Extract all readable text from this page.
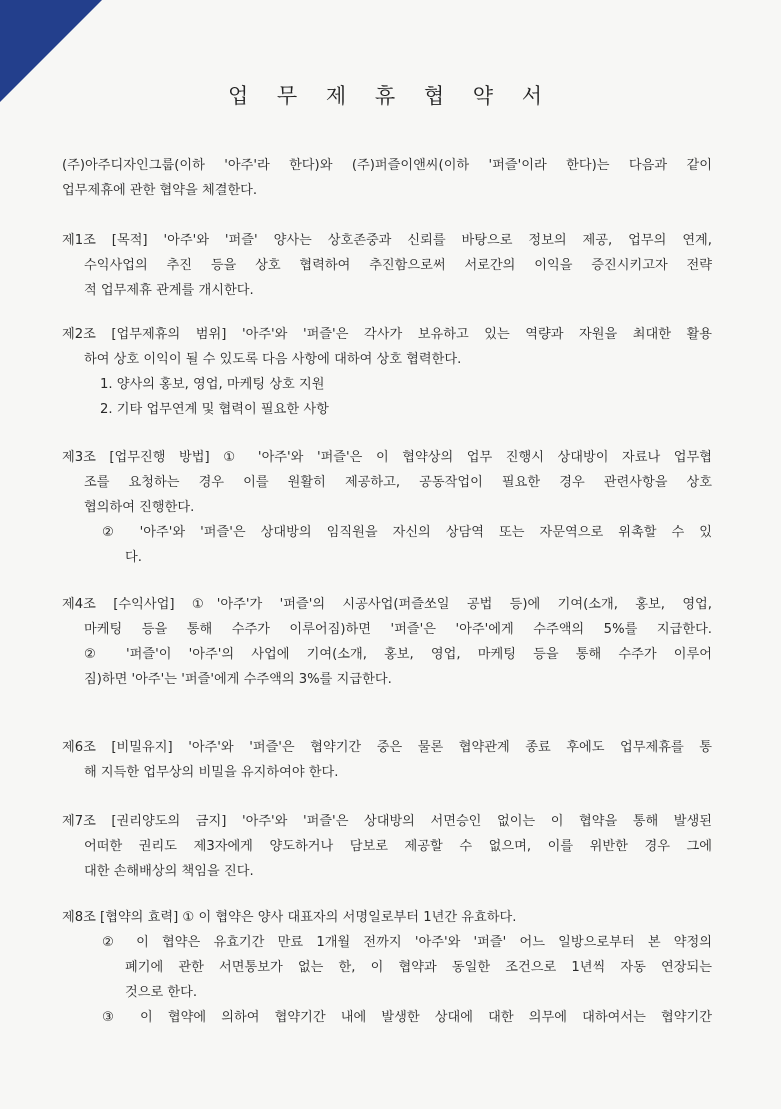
업 무 제 휴 협 약 서
(주)아주디자인그룹(이하 '아주'라 한다)와 (주)퍼즐이앤씨(이하 '퍼즐'이라 한다)는 다음과 같이
업무제휴에 관한 협약을 체결한다.
제1조 [목적] '아주'와 '퍼즐' 양사는 상호존중과 신뢰를 바탕으로 정보의 제공, 업무의 연계,
수익사업의 추진 등을 상호 협력하여 추진함으로써 서로간의 이익을 증진시키고자 전략
적 업무제휴 관계를 개시한다.
제2조 [업무제휴의 범위] '아주'와 '퍼즐'은 각사가 보유하고 있는 역량과 자원을 최대한 활용
하여 상호 이익이 될 수 있도록 다음 사항에 대하여 상호 협력한다.
1. 양사의 홍보, 영업, 마케팅 상호 지원
2. 기타 업무연계 및 협력이 필요한 사항
제3조 [업무진행 방법] ① '아주'와 '퍼즐'은 이 협약상의 업무 진행시 상대방이 자료나 업무협
조를 요청하는 경우 이를 원활히 제공하고, 공동작업이 필요한 경우 관련사항을 상호
협의하여 진행한다.
② '아주'와 '퍼즐'은 상대방의 임직원을 자신의 상담역 또는 자문역으로 위촉할 수 있
다.
제4조 [수익사업] ①'아주'가 '퍼즐'의 시공사업(퍼즐쏘일 공법 등)에 기여(소개, 홍보, 영업,
마케팅 등을 통해 수주가 이루어짐)하면 '퍼즐'은 '아주'에게 수주액의 5%를 지급한다.
② '퍼즐'이 '아주'의 사업에 기여(소개, 홍보, 영업, 마케팅 등을 통해 수주가 이루어
짐)하면 '아주'는 '퍼즐'에게 수주액의 3%를 지급한다.
제6조 [비밀유지] '아주'와 '퍼즐'은 협약기간 중은 물론 협약관계 종료 후에도 업무제휴를 통
해 지득한 업무상의 비밀을 유지하여야 한다.
제7조 [권리양도의 금지] '아주'와 '퍼즐'은 상대방의 서면승인 없이는 이 협약을 통해 발생된
어떠한 권리도 제3자에게 양도하거나 담보로 제공할 수 없으며, 이를 위반한 경우 그에
대한 손해배상의 책임을 진다.
제8조 [협약의 효력] ① 이 협약은 양사 대표자의 서명일로부터 1년간 유효하다.
② 이 협약은 유효기간 만료 1개월 전까지 '아주'와 '퍼즐' 어느 일방으로부터 본 약정의
폐기에 관한 서면통보가 없는 한, 이 협약과 동일한 조건으로 1년씩 자동 연장되는
것으로 한다.
③ 이 협약에 의하여 협약기간 내에 발생한 상대에 대한 의무에 대하여서는 협약기간
